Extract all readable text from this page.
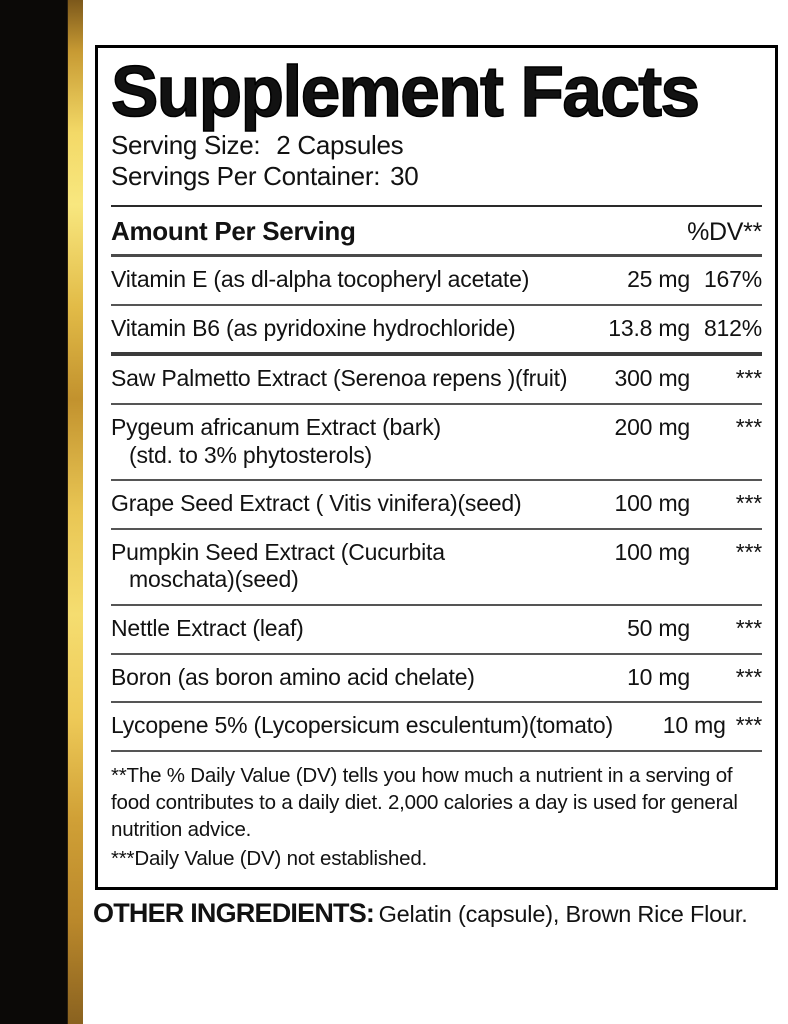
Supplement Facts
Serving Size: 2 Capsules
Servings Per Container: 30
Amount Per Serving	%DV**
Vitamin E (as dl-alpha tocopheryl acetate)	25 mg 167%
Vitamin B6 (as pyridoxine hydrochloride)	13.8 mg 812%
Saw Palmetto Extract (Serenoa repens )(fruit)	300 mg	***
Pygeum africanum Extract (bark)
(std. to 3% phytosterols)
200 mg	***
Grape Seed Extract ( Vitis vinifera)(seed)	100 mg	***
Pumpkin Seed Extract (Cucurbita
moschata)(seed)
100 mg	***
Nettle Extract (leaf)	50 mg	***
Boron (as boron amino acid chelate)	10 mg	***
Lycopene 5% (Lycopersicum esculentum)(tomato)	10 mg ***
**The % Daily Value (DV) tells you how much a nutrient in a serving of food contributes to a daily diet. 2,000 calories a day is used for general nutrition advice.
***Daily Value (DV) not established.
OTHER INGREDIENTS: Gelatin (capsule), Brown Rice Flour.
